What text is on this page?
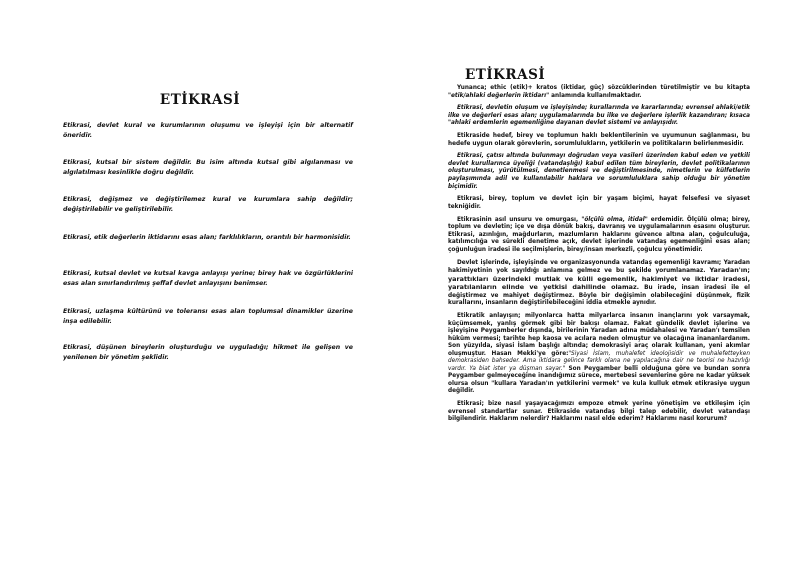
ETİKRASİ

Etikrasi, devlet kural ve kurumlarının oluşumu ve işleyişi için bir alternatif öneridir.

Etikrasi, kutsal bir sistem değildir. Bu isim altında kutsal gibi algılanması ve algılatılması kesinlikle doğru değildir.

Etikrasi, değişmez ve değiştirilemez kural ve kurumlara sahip değildir; değiştirilebilir ve geliştirilebilir.

Etikrasi, etik değerlerin iktidarını esas alan; farklılıkların, orantılı bir harmonisidir.

Etikrasi, kutsal devlet ve kutsal kavga anlayışı yerine; birey hak ve özgürlüklerini esas alan sınırlandırılmış şeffaf devlet anlayışını benimser.

Etikrasi, uzlaşma kültürünü ve toleransı esas alan toplumsal dinamikler üzerine inşa edilebilir.

Etikrasi, düşünen bireylerin oluşturduğu ve uyguladığı; hikmet ile gelişen ve yenilenen bir yönetim şeklidir.

ETİKRASİ

Yunanca; ethic (etik)+ kratos (iktidar, güç) sözcüklerinden türetilmiştir ve bu kitapta "etik/ahlaki değerlerin iktidarı" anlamında kullanılmaktadır.

Etikrasi, devletin oluşum ve işleyişinde; kurallarında ve kararlarında; evrensel ahlaki/etik ilke ve değerleri esas alan; uygulamalarında bu ilke ve değerlere işlerlik kazandıran; kısaca "ahlaki erdemlerin egemenliğine dayanan devlet sistemi ve anlayışıdır.

Etikraside hedef, birey ve toplumun haklı beklentilerinin ve uyumunun sağlanması, bu hedefe uygun olarak görevlerin, sorumlulukların, yetkilerin ve politikaların belirlenmesidir.

Etikrasi, çatısı altında bulunmayı doğrudan veya vasileri üzerinden kabul eden ve yetkili devlet kurullarınca üyeliği (vatandaşlığı) kabul edilen tüm bireylerin, devlet politikalarının oluşturulması, yürütülmesi, denetlenmesi ve değiştirilmesinde, nimetlerin ve külfetlerin paylaşımında adil ve kullanılabilir haklara ve sorumluluklara sahip olduğu bir yönetim biçimidir.

Etikrasi, birey, toplum ve devlet için bir yaşam biçimi, hayat felsefesi ve siyaset tekniğidir.

Etikrasinin asıl unsuru ve omurgası, "ölçülü olma, itidal" erdemidir. Ölçülü olma; birey, toplum ve devletin; içe ve dışa dönük bakış, davranış ve uygulamalarının esasını oluşturur. Etikrasi, azınlığın, mağdurların, mazlumların haklarını güvence altına alan, çoğulculuğa, katılımcılığa ve sürekli denetime açık, devlet işlerinde vatandaş egemenliğini esas alan; çoğunluğun iradesi ile seçilmişlerin, birey/insan merkezli, çoğulcu yönetimidir.

Devlet işlerinde, işleyişinde ve organizasyonunda vatandaş egemenliği kavramı; Yaradan hakimiyetinin yok sayıldığı anlamına gelmez ve bu şekilde yorumlanamaz. Yaradan'ın; yarattıkları üzerindeki mutlak ve külli egemenlik, hakimiyet ve iktidar iradesi, yaratılanların elinde ve yetkisi dahilinde olamaz. Bu irade, insan iradesi ile el değiştirmez ve mahiyet değiştirmez. Böyle bir değişimin olabileceğini düşünmek, fizik kurallarını, insanların değiştirilebileceğini iddia etmekle aynıdır.

Etikratik anlayışın; milyonlarca hatta milyarlarca insanın inançlarını yok varsaymak, küçümsemek, yanlış görmek gibi bir bakışı olamaz. Fakat gündelik devlet işlerine ve işleyişine Peygamberler dışında, birilerinin Yaradan adına müdahalesi ve Yaradan'ı temsilen hüküm vermesi; tarihte hep kaosa ve acılara neden olmuştur ve olacağına inananlardanım. Son yüzyılda, siyasi İslam başlığı altında; demokrasiyi araç olarak kullanan, yeni akımlar oluşmuştur. Hasan Mekki'ye göre:"Siyasi İslam, muhalefet ideolojisidir ve muhalefetteyken demokrasiden bahseder. Ama iktidara gelince farklı olana ne yapılacağına dair ne teorisi ne hazırlığı vardır. Ya biat ister ya düşman sayar." Son Peygamber belli olduğuna göre ve bundan sonra Peygamber gelmeyeceğine inandığımız sürece, mertebesi sevenlerine göre ne kadar yüksek olursa olsun "kullara Yaradan'ın yetkilerini vermek" ve kula kulluk etmek etikrasiye uygun değildir.

Etikrasi; bize nasıl yaşayacağımızı empoze etmek yerine yönetişim ve etkileşim için evrensel standartlar sunar. Etikraside vatandaş bilgi talep edebilir, devlet vatandaşı bilgilendirir. Haklarım nelerdir? Haklarımı nasıl elde ederim? Haklarımı nasıl korurum?
